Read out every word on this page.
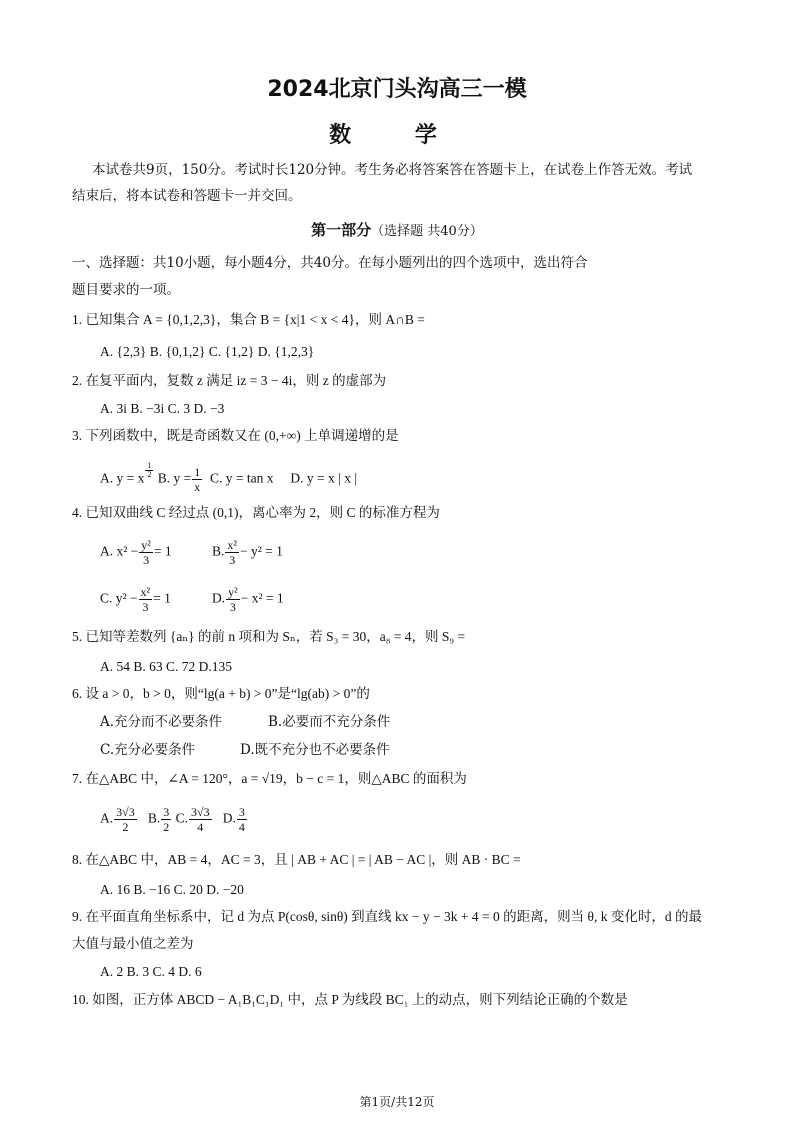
2024北京门头沟高三一模
数 学
本试卷共9页，150分。考试时长120分钟。考生务必将答案答在答题卡上，在试卷上作答无效。考试
结束后，将本试卷和答题卡一并交回。
第一部分（选择题 共40分）
一、选择题：共10小题，每小题4分，共40分。在每小题列出的四个选项中，选出符合
题目要求的一项。
1. 已知集合 A = {0,1,2,3}，集合 B = {x|1 < x < 4}，则 A∩B =
A. {2,3} B. {0,1,2} C. {1,2} D. {1,2,3}
2. 在复平面内，复数 z 满足 iz = 3 − 4i，则 z 的虚部为
A. 3i B. −3i C. 3 D. −3
3. 下列函数中，既是奇函数又在 (0,+∞) 上单调递增的是
A. y = x $\frac{1}{2} B$. $y = \frac{1}{x} C$. y = tan x D. y = x | x |
4. 已知双曲线 C 经过点 (0,1)，离心率为 2，则 C 的标准方程为
A. $x^2 - \frac{\text{y²}}{3} = 1$	B. $\frac{\text{x²}}{3} - y^2 = 1$
C. $y^2 - \frac{\text{x²}}{3} = 1$	D. $\frac{\text{y²}}{3} - x^2 = 1$
5. 已知等差数列 {aₙ} 的前 n 项和为 Sₙ，若 S₃ = 30，a₈ = 4，则 S₉ =
A. 54 B. 63 C. 72 D.135
6. 设 a > 0，b > 0，则“lg(a + b) > 0”是“lg(ab) > 0”的
A.充分而不必要条件	B.必要而不充分条件
C.充分必要条件	D.既不充分也不必要条件
7. 在△ABC 中，∠A = 120°，a = √19，b − c = 1，则△ABC 的面积为
A. $\frac{3√3}{2} B$. $\frac{3}{2} C$. $\frac{3√3}{4} D$. $\frac{3}{4}$
8. 在△ABC 中，AB = 4，AC = 3，且 | AB + AC | = | AB − AC |，则 AB · BC =
A. 16 B. −16 C. 20 D. −20
9. 在平面直角坐标系中，记 d 为点 P(cosθ, sinθ) 到直线 kx − y − 3k + 4 = 0 的距离，则当 θ, k 变化时，d 的最
大值与最小值之差为
A. 2 B. 3 C. 4 D. 6
10. 如图，正方体 ABCD − A₁B₁C₁D₁ 中，点 P 为线段 BC₁ 上的动点，则下列结论正确的个数是
第1页/共12页
